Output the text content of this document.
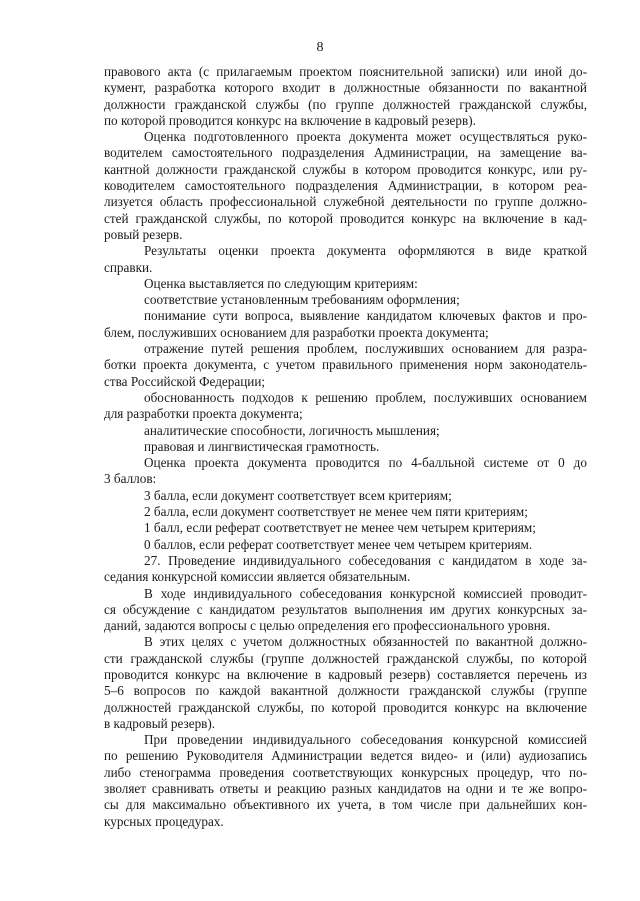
8
правового акта (с прилагаемым проектом пояснительной записки) или иной до-
кумент, разработка которого входит в должностные обязанности по вакантной
должности гражданской службы (по группе должностей гражданской службы,
по которой проводится конкурс на включение в кадровый резерв).
Оценка подготовленного проекта документа может осуществляться руко-
водителем самостоятельного подразделения Администрации, на замещение ва-
кантной должности гражданской службы в котором проводится конкурс, или ру-
ководителем самостоятельного подразделения Администрации, в котором реа-
лизуется область профессиональной служебной деятельности по группе должно-
стей гражданской службы, по которой проводится конкурс на включение в кад-
ровый резерв.
Результаты оценки проекта документа оформляются в виде краткой
справки.
Оценка выставляется по следующим критериям:
соответствие установленным требованиям оформления;
понимание сути вопроса, выявление кандидатом ключевых фактов и про-
блем, послуживших основанием для разработки проекта документа;
отражение путей решения проблем, послуживших основанием для разра-
ботки проекта документа, с учетом правильного применения норм законодатель-
ства Российской Федерации;
обоснованность подходов к решению проблем, послуживших основанием
для разработки проекта документа;
аналитические способности, логичность мышления;
правовая и лингвистическая грамотность.
Оценка проекта документа проводится по 4-балльной системе от 0 до
3 баллов:
3 балла, если документ соответствует всем критериям;
2 балла, если документ соответствует не менее чем пяти критериям;
1 балл, если реферат соответствует не менее чем четырем критериям;
0 баллов, если реферат соответствует менее чем четырем критериям.
27. Проведение индивидуального собеседования с кандидатом в ходе за-
седания конкурсной комиссии является обязательным.
В ходе индивидуального собеседования конкурсной комиссией проводит-
ся обсуждение с кандидатом результатов выполнения им других конкурсных за-
даний, задаются вопросы с целью определения его профессионального уровня.
В этих целях с учетом должностных обязанностей по вакантной должно-
сти гражданской службы (группе должностей гражданской службы, по которой
проводится конкурс на включение в кадровый резерв) составляется перечень из
5–6 вопросов по каждой вакантной должности гражданской службы (группе
должностей гражданской службы, по которой проводится конкурс на включение
в кадровый резерв).
При проведении индивидуального собеседования конкурсной комиссией
по решению Руководителя Администрации ведется видео- и (или) аудиозапись
либо стенограмма проведения соответствующих конкурсных процедур, что по-
зволяет сравнивать ответы и реакцию разных кандидатов на одни и те же вопро-
сы для максимально объективного их учета, в том числе при дальнейших кон-
курсных процедурах.
